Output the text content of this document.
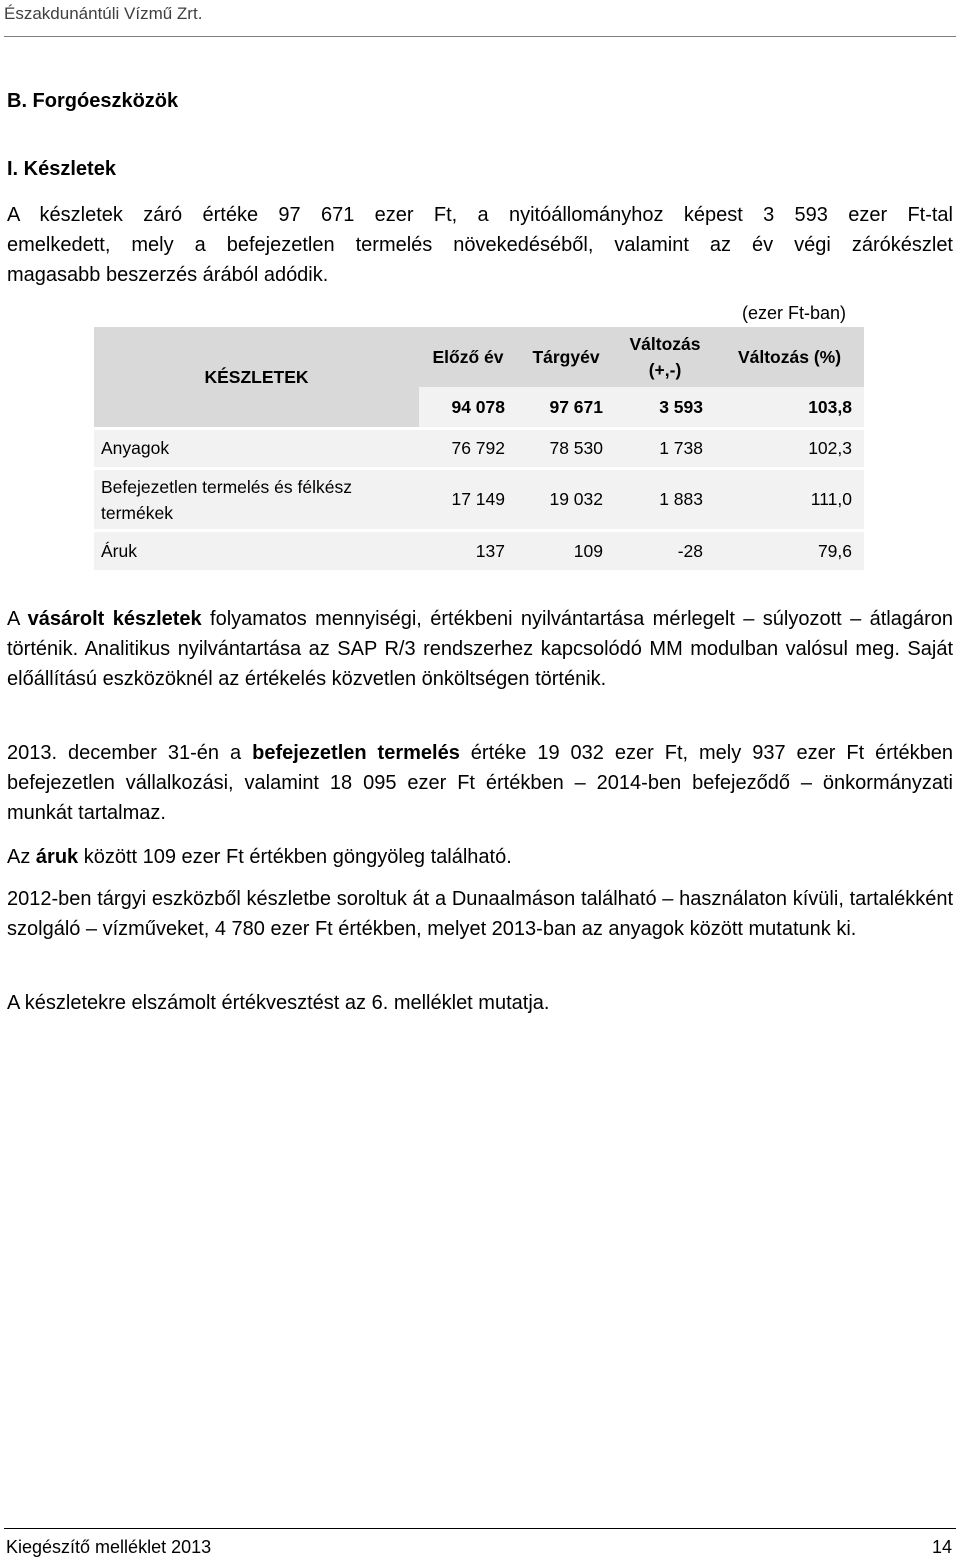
Északdunántúli Vízmű Zrt.
B. Forgóeszközök
I. Készletek
A készletek záró értéke 97 671 ezer Ft, a nyitóállományhoz képest 3 593 ezer Ft-tal
emelkedett, mely a befejezetlen termelés növekedéséből, valamint az év végi zárókészlet
magasabb beszerzés árából adódik.
(ezer Ft-ban)
KÉSZLETEK	Előző év	Tárgyév	Változás
(+,-)	Változás (%)
	94 078	97 671	3 593	103,8
Anyagok	76 792	78 530	1 738	102,3

Befejezetlen termelés és félkész
termékek	17 149	19 032	1 883	111,0
Áruk	137	109	-28	79,6
A vásárolt készletek folyamatos mennyiségi, értékbeni nyilvántartása mérlegelt – súlyozott – átlagáron történik. Analitikus nyilvántartása az SAP R/3 rendszerhez kapcsolódó MM modulban valósul meg. Saját előállítású eszközöknél az értékelés közvetlen önköltségen történik.
2013. december 31-én a befejezetlen termelés értéke 19 032 ezer Ft, mely 937 ezer Ft értékben befejezetlen vállalkozási, valamint 18 095 ezer Ft értékben – 2014-ben befejeződő – önkormányzati munkát tartalmaz.
Az áruk között 109 ezer Ft értékben göngyöleg található.
2012-ben tárgyi eszközből készletbe soroltuk át a Dunaalmáson található – használaton kívüli, tartalékként szolgáló – vízműveket, 4 780 ezer Ft értékben, melyet 2013-ban az anyagok között mutatunk ki.
A készletekre elszámolt értékvesztést az 6. melléklet mutatja.
Kiegészítő melléklet 2013	14
